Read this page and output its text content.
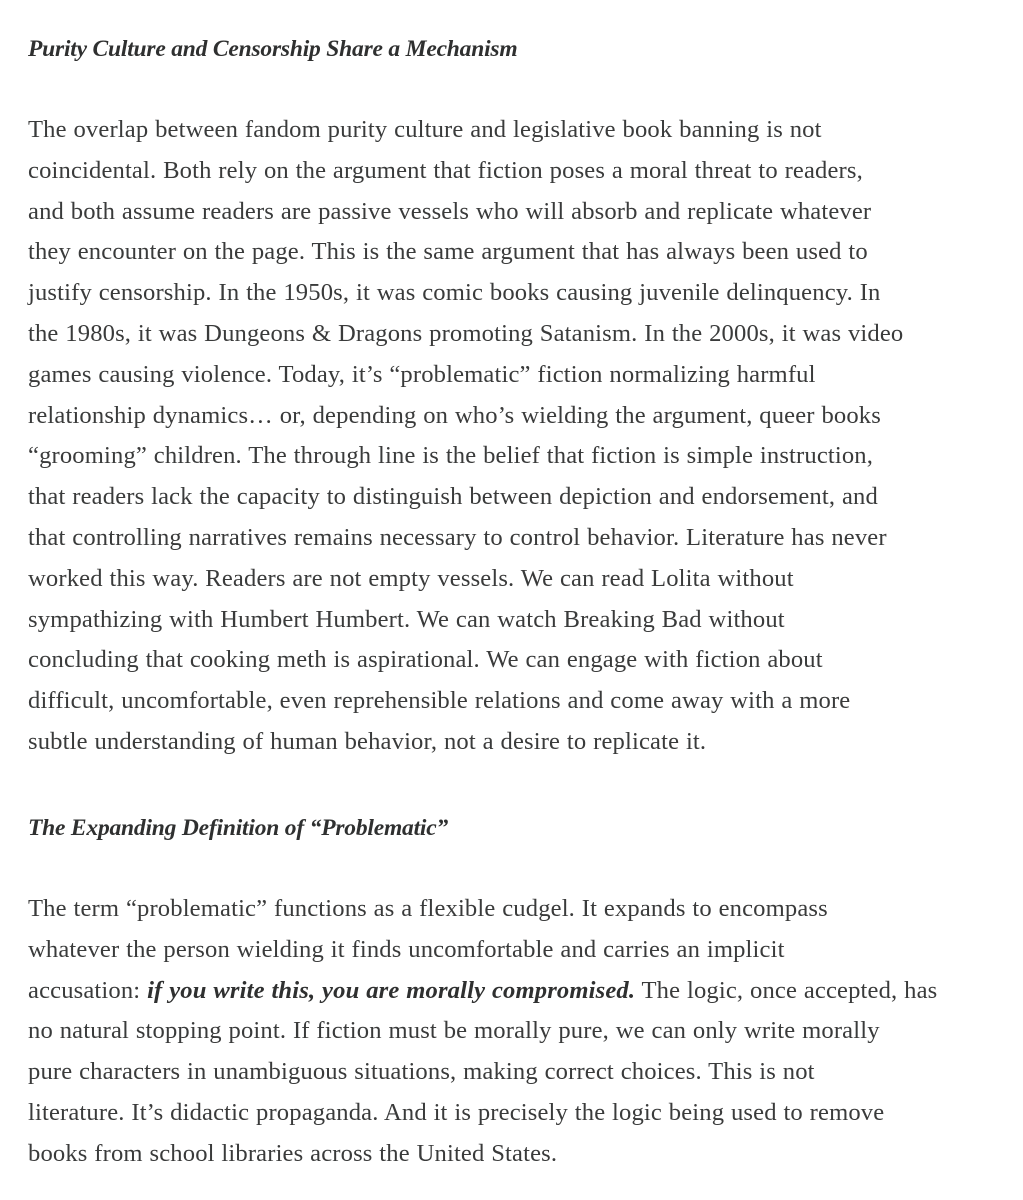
Purity Culture and Censorship Share a Mechanism

The overlap between fandom purity culture and legislative book banning is not
coincidental. Both rely on the argument that fiction poses a moral threat to readers,
and both assume readers are passive vessels who will absorb and replicate whatever
they encounter on the page. This is the same argument that has always been used to
justify censorship. In the 1950s, it was comic books causing juvenile delinquency. In
the 1980s, it was Dungeons & Dragons promoting Satanism. In the 2000s, it was video
games causing violence. Today, it’s “problematic” fiction normalizing harmful
relationship dynamics… or, depending on who’s wielding the argument, queer books
“grooming” children. The through line is the belief that fiction is simple instruction,
that readers lack the capacity to distinguish between depiction and endorsement, and
that controlling narratives remains necessary to control behavior. Literature has never
worked this way. Readers are not empty vessels. We can read Lolita without
sympathizing with Humbert Humbert. We can watch Breaking Bad without
concluding that cooking meth is aspirational. We can engage with fiction about
difficult, uncomfortable, even reprehensible relations and come away with a more
subtle understanding of human behavior, not a desire to replicate it.

The Expanding Definition of “Problematic”

The term “problematic” functions as a flexible cudgel. It expands to encompass
whatever the person wielding it finds uncomfortable and carries an implicit
accusation: if you write this, you are morally compromised. The logic, once accepted, has
no natural stopping point. If fiction must be morally pure, we can only write morally
pure characters in unambiguous situations, making correct choices. This is not
literature. It’s didactic propaganda. And it is precisely the logic being used to remove
books from school libraries across the United States.
